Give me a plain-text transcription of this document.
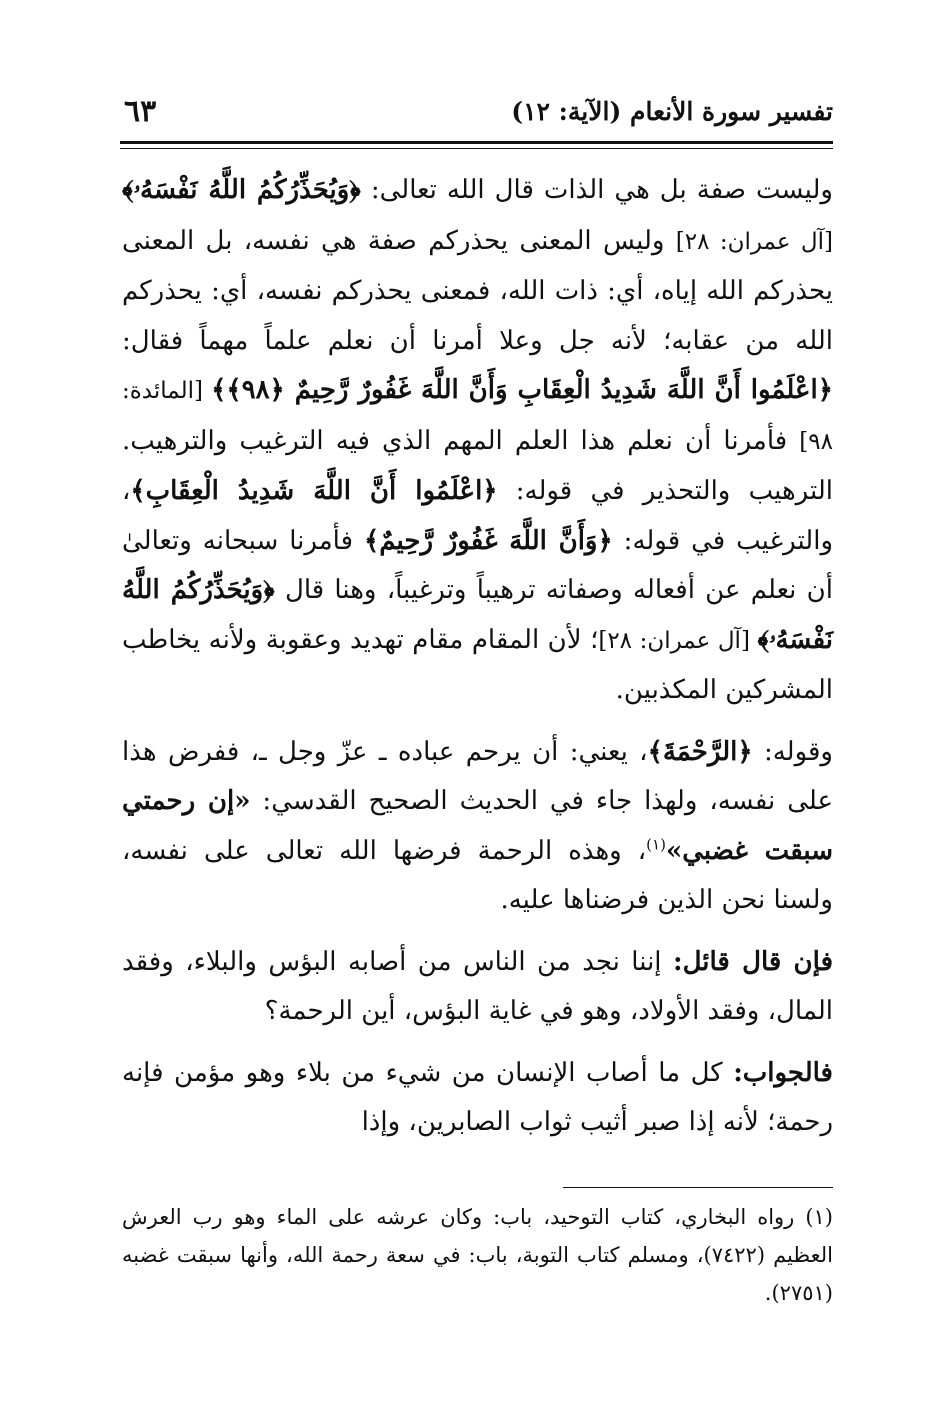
تفسير سورة الأنعام (الآية: ١٢)
٦٣

وليست صفة بل هي الذات قال الله تعالى: ﴿وَيُحَذِّرُكُمُ اللَّهُ نَفْسَهُۥ﴾ [آل عمران: ٢٨] وليس المعنى يحذركم صفة هي نفسه، بل المعنى يحذركم الله إياه، أي: ذات الله، فمعنى يحذركم نفسه، أي: يحذركم الله من عقابه؛ لأنه جل وعلا أمرنا أن نعلم علماً مهماً فقال: ﴿اعْلَمُوا أَنَّ اللَّهَ شَدِيدُ الْعِقَابِ وَأَنَّ اللَّهَ غَفُورٌ رَّحِيمٌ ﴿٩٨﴾﴾ [المائدة: ٩٨] فأمرنا أن نعلم هذا العلم المهم الذي فيه الترغيب والترهيب. الترهيب والتحذير في قوله: ﴿اعْلَمُوا أَنَّ اللَّهَ شَدِيدُ الْعِقَابِ﴾، والترغيب في قوله: ﴿وَأَنَّ اللَّهَ غَفُورٌ رَّحِيمٌ﴾ فأمرنا سبحانه وتعالىٰ أن نعلم عن أفعاله وصفاته ترهيباً وترغيباً، وهنا قال ﴿وَيُحَذِّرُكُمُ اللَّهُ نَفْسَهُۥ﴾ [آل عمران: ٢٨]؛ لأن المقام مقام تهديد وعقوبة ولأنه يخاطب المشركين المكذبين.

وقوله: ﴿الرَّحْمَةَ﴾، يعني: أن يرحم عباده ـ عزّ وجل ـ، ففرض هذا على نفسه، ولهذا جاء في الحديث الصحيح القدسي: «إن رحمتي سبقت غضبي»$^{(١)}$، وهذه الرحمة فرضها الله تعالى على نفسه، ولسنا نحن الذين فرضناها عليه.

فإن قال قائل: إننا نجد من الناس من أصابه البؤس والبلاء، وفقد المال، وفقد الأولاد، وهو في غاية البؤس، أين الرحمة؟

فالجواب: كل ما أصاب الإنسان من شيء من بلاء وهو مؤمن فإنه رحمة؛ لأنه إذا صبر أثيب ثواب الصابرين، وإذا

(١) رواه البخاري، كتاب التوحيد، باب: وكان عرشه على الماء وهو رب العرش العظيم (٧٤٢٢)، ومسلم كتاب التوبة، باب: في سعة رحمة الله، وأنها سبقت غضبه (٢٧٥١).
